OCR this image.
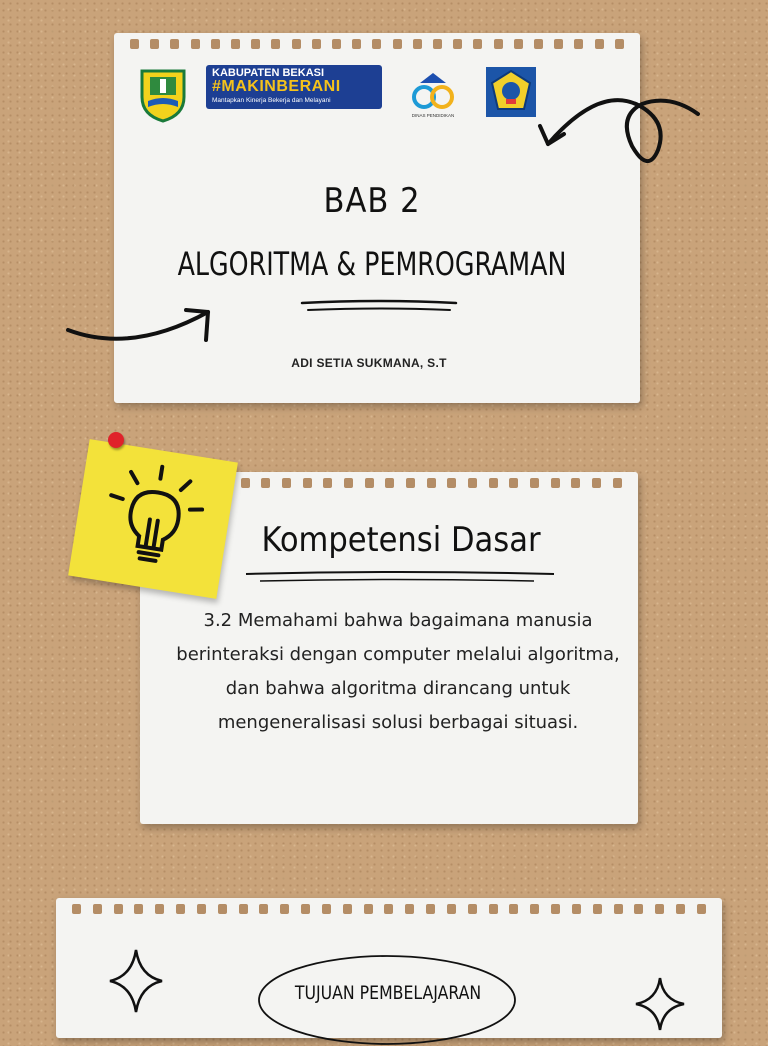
KABUPATEN BEKASI
#MAKINBERANI
Mantapkan Kinerja Bekerja dan Melayani
DINAS PENDIDIKAN
BAB 2
ALGORITMA & PEMROGRAMAN
ADI SETIA SUKMANA, S.T
Kompetensi Dasar
3.2 Memahami bahwa bagaimana manusia berinteraksi dengan computer melalui algoritma, dan bahwa algoritma dirancang untuk mengeneralisasi solusi berbagai situasi.
TUJUAN PEMBELAJARAN
